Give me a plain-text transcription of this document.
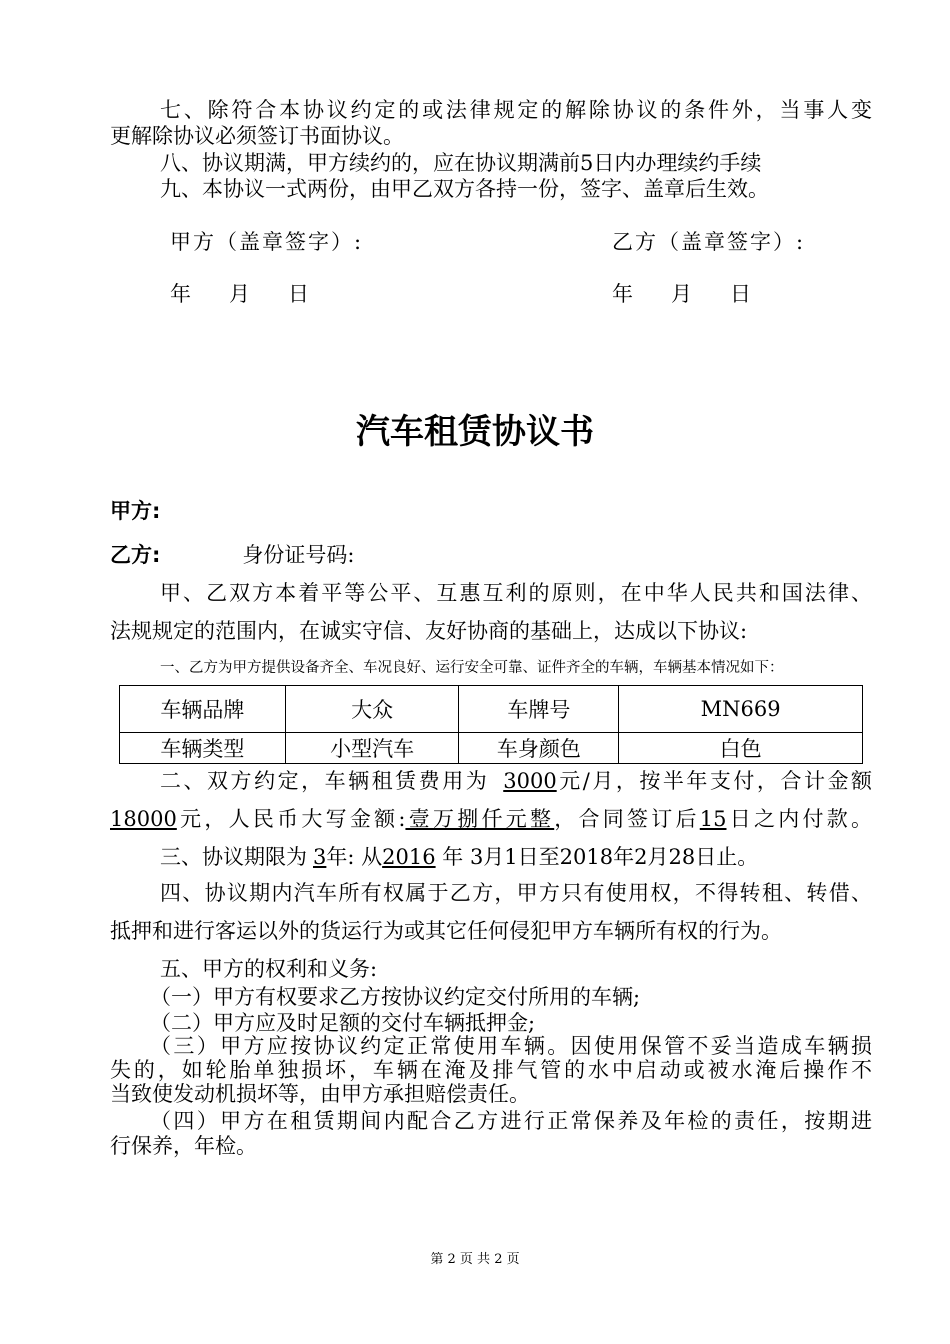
七、除符合本协议约定的或法律规定的解除协议的条件外，当事人变
更解除协议必须签订书面协议。
八、协议期满，甲方续约的，应在协议期满前5日内办理续约手续
九、本协议一式两份，由甲乙双方各持一份，签字、盖章后生效。
甲方（盖章签字）:	乙方（盖章签字）:
年 月 日	年 月 日
汽车租赁协议书
甲方:
乙方:	身份证号码:
甲、乙双方本着平等公平、互惠互利的原则，在中华人民共和国法律、
法规规定的范围内，在诚实守信、友好协商的基础上，达成以下协议:
一、乙方为甲方提供设备齐全、车况良好、运行安全可靠、证件齐全的车辆，车辆基本情况如下：
车辆品牌	大众	车牌号	MN669
车辆类型	小型汽车	车身颜色	白色
二、双方约定，车辆租赁费用为 3000元/月，按半年支付，合计金额
18000元，人民币大写金额:壹万捌仟元整，合同签订后15日之内付款。
三、协议期限为 3年: 从2016 年 3月1日至2018年2月28日止。
四、协议期内汽车所有权属于乙方，甲方只有使用权，不得转租、转借、
抵押和进行客运以外的货运行为或其它任何侵犯甲方车辆所有权的行为。
五、甲方的权利和义务:
（一）甲方有权要求乙方按协议约定交付所用的车辆;
（二）甲方应及时足额的交付车辆抵押金;
（三）甲方应按协议约定正常使用车辆。因使用保管不妥当造成车辆损
失的，如轮胎单独损坏，车辆在淹及排气管的水中启动或被水淹后操作不
当致使发动机损坏等，由甲方承担赔偿责任。
（四）甲方在租赁期间内配合乙方进行正常保养及年检的责任，按期进
行保养，年检。
第 2 页 共 2 页
